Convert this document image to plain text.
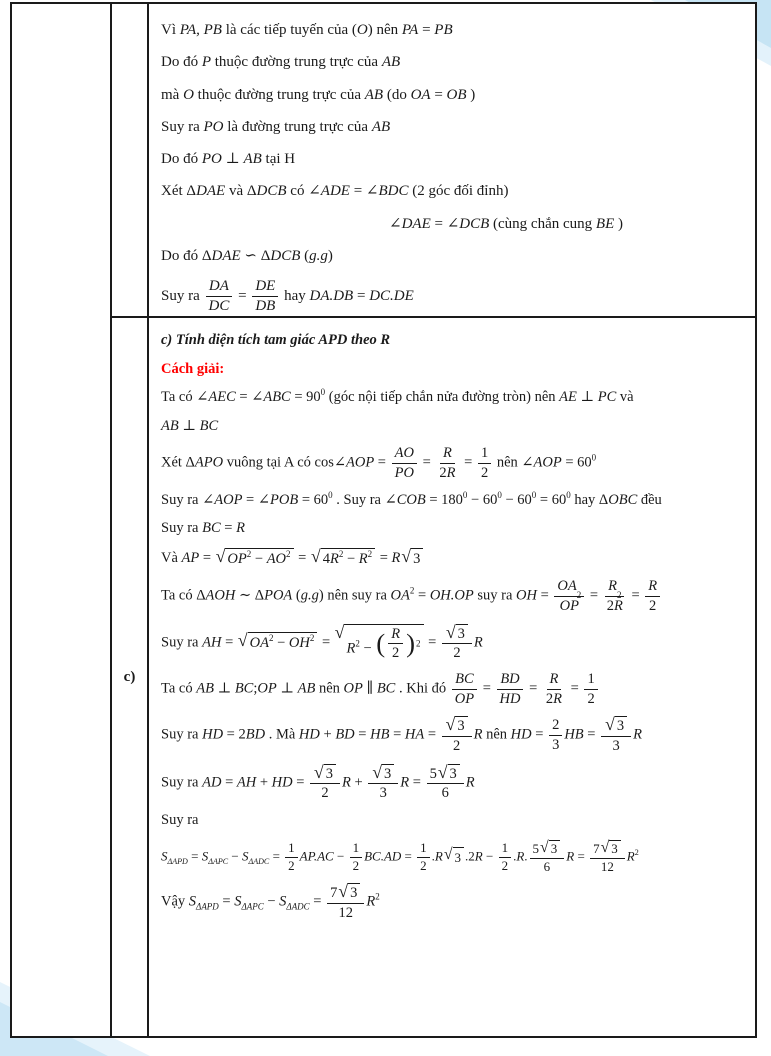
Vì PA, PB là các tiếp tuyến của (O) nên PA = PB
Do đó P thuộc đường trung trực của AB
mà O thuộc đường trung trực của AB (do OA = OB )
Suy ra PO là đường trung trực của AB
Do đó PO ⊥ AB tại H
Xét ΔDAE và ΔDCB có ∠ADE = ∠BDC (2 góc đối đỉnh)
∠DAE = ∠DCB (cùng chắn cung BE )
Do đó ΔDAE ∽ ΔDCB (g.g)
Suy ra $\frac{DA}{DC} = \frac{DE}{DB}$ hay DA.DB = DC.DE
c)
c) Tính diện tích tam giác APD theo R
Cách giải:
Ta có ∠AEC = ∠ABC = $90^0$ (góc nội tiếp chắn nửa đường tròn) nên AE ⊥ PC và
AB ⊥ BC
Xét ΔAPO vuông tại A có cos∠AOP = $\frac{AO}{PO} = \frac{R}{2 R} = \frac{1}{2}$ nên ∠AOP = $60^0$
Suy ra ∠AOP = ∠POB = $60^0$ . Suy ra ∠COB = $180^0 - 60^0 - 60^0 = 60^0$ hay ΔOBC đều
Suy ra BC = R
Và AP = √ $OP^2 - AO^2$ = √ $4R^2 - R^2 = R$ √ 3
Ta có ΔAOH ∼ ΔPOA (g.g) nên suy ra $OA^2 = OH.OP$ suy ra OH = OA
2
OP = R
2
2 $R = \frac{R}{2}$
Suy ra AH = √ $OA^2 - OH^2$ =
√
$R^2$ − ( $\frac{R}{2}$ ) $^2 = \frac{√ 3}{2}$ R
Ta có AB ⊥ BC;OP ⊥ AB nên OP ∥ BC . Khi đó $\frac{BC}{OP} = \frac{BD}{HD} = \frac{R}{2 R} = \frac{1}{2}$
Suy ra HD = 2BD . Mà HD + BD = HB = HA = $\frac{√ 3}{2}$ R nên HD = $\frac{2}{3}$ HB = $\frac{√ 3}{3}$ R
Suy ra AD = AH + HD = $\frac{√ 3}{2}$ $R + \frac{√ 3}{3}$ $R = \frac{5 √ 3}{6}$ R
Suy ra
$S_{\Delta APD} = S_{\Delta APC} - S_{\Delta ADC} = \frac{1}{2} AP.AC - \frac{1}{2} BC.AD = \frac{1}{2} .R$ √ 3 $.2R - \frac{1}{2} .R$. $\frac{5 √ 3}{6}$ $R = \frac{7 √ 3}{12} R^2$
Vậy $S_{\Delta APD} = S_{\Delta APC} - S_{\Delta ADC} = \frac{7 √ 3}{12} R^2$
